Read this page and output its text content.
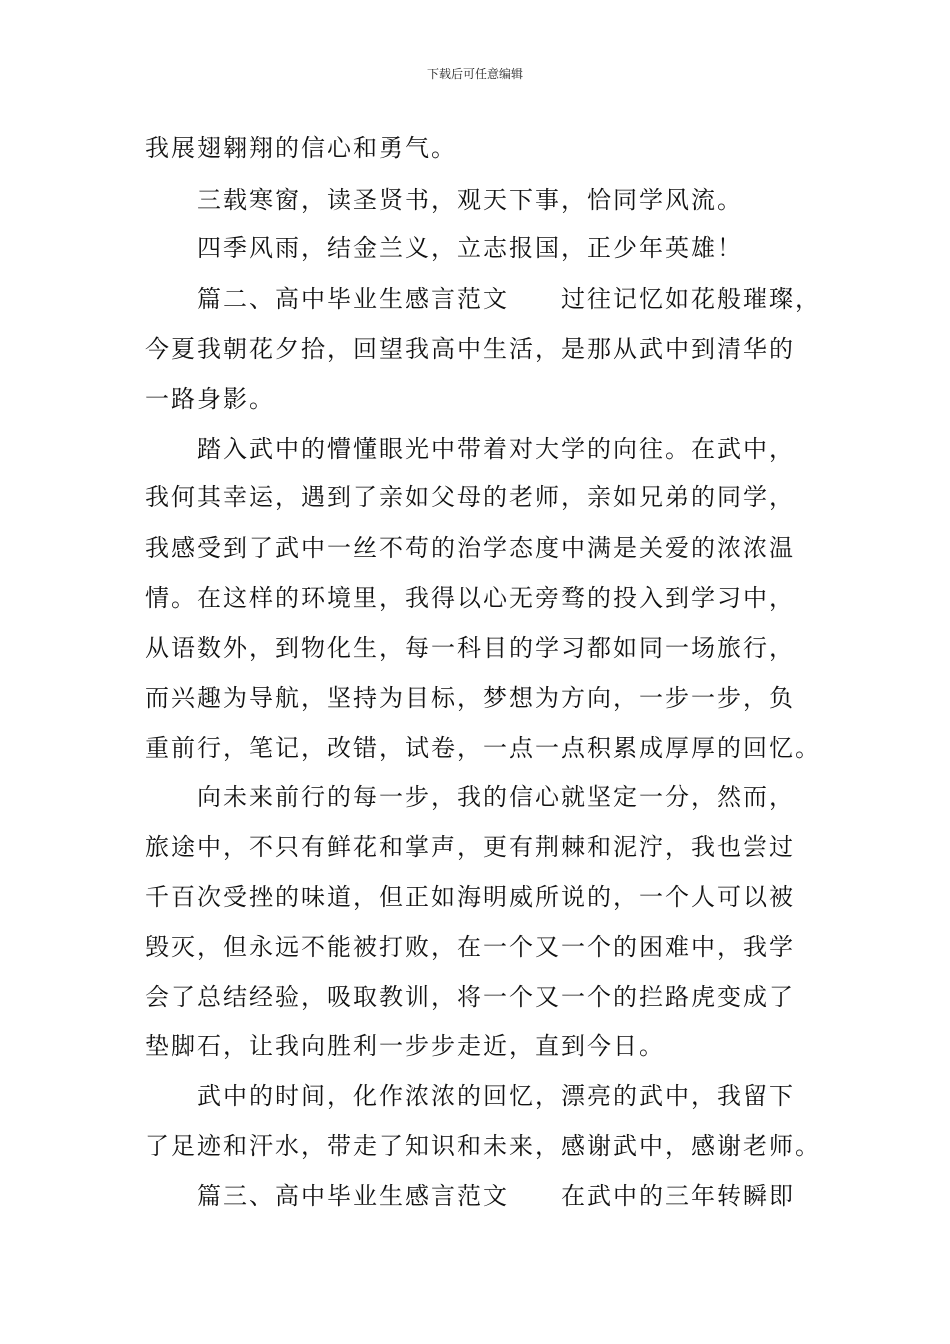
下载后可任意编辑
我展翅翱翔的信心和勇气。
三载寒窗，读圣贤书，观天下事，恰同学风流。
四季风雨，结金兰义，立志报国，正少年英雄！
篇二、高中毕业生感言范文　　过往记忆如花般璀璨，
今夏我朝花夕拾，回望我高中生活，是那从武中到清华的
一路身影。
踏入武中的懵懂眼光中带着对大学的向往。在武中，
我何其幸运，遇到了亲如父母的老师，亲如兄弟的同学，
我感受到了武中一丝不苟的治学态度中满是关爱的浓浓温
情。在这样的环境里，我得以心无旁骛的投入到学习中，
从语数外，到物化生，每一科目的学习都如同一场旅行，
而兴趣为导航，坚持为目标，梦想为方向，一步一步，负
重前行，笔记，改错，试卷，一点一点积累成厚厚的回忆。
向未来前行的每一步，我的信心就坚定一分，然而，
旅途中，不只有鲜花和掌声，更有荆棘和泥泞，我也尝过
千百次受挫的味道，但正如海明威所说的，一个人可以被
毁灭，但永远不能被打败，在一个又一个的困难中，我学
会了总结经验，吸取教训，将一个又一个的拦路虎变成了
垫脚石，让我向胜利一步步走近，直到今日。
武中的时间，化作浓浓的回忆，漂亮的武中，我留下
了足迹和汗水，带走了知识和未来，感谢武中，感谢老师。
篇三、高中毕业生感言范文　　在武中的三年转瞬即
